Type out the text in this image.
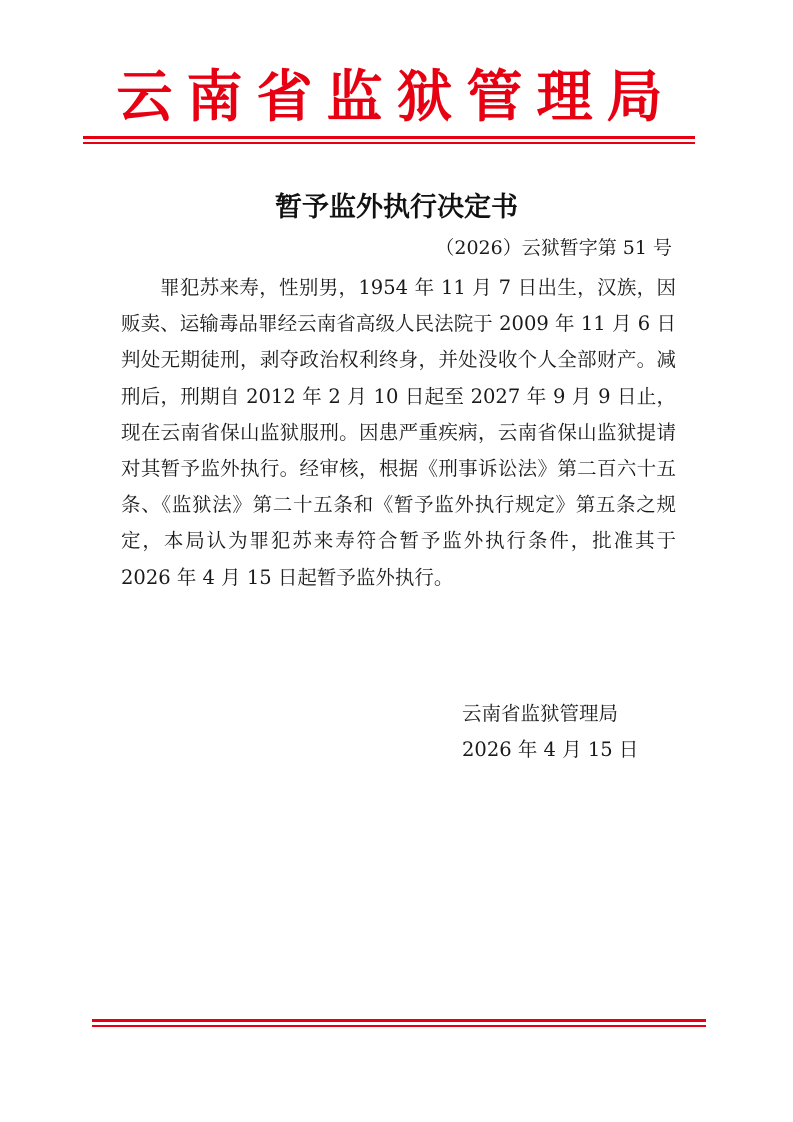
云南省监狱管理局
暂予监外执行决定书
（2026）云狱暂字第 51 号

罪犯苏来寿，性别男，1954 年 11 月 7 日出生，汉族，因贩卖、运输毒品罪经云南省高级人民法院于 2009 年 11 月 6 日判处无期徒刑，剥夺政治权利终身，并处没收个人全部财产。减刑后，刑期自 2012 年 2 月 10 日起至 2027 年 9 月 9 日止，现在云南省保山监狱服刑。因患严重疾病，云南省保山监狱提请对其暂予监外执行。经审核，根据《刑事诉讼法》第二百六十五条、《监狱法》第二十五条和《暂予监外执行规定》第五条之规定，本局认为罪犯苏来寿符合暂予监外执行条件，批准其于 2026 年 4 月 15 日起暂予监外执行。

云南省监狱管理局
2026 年 4 月 15 日
